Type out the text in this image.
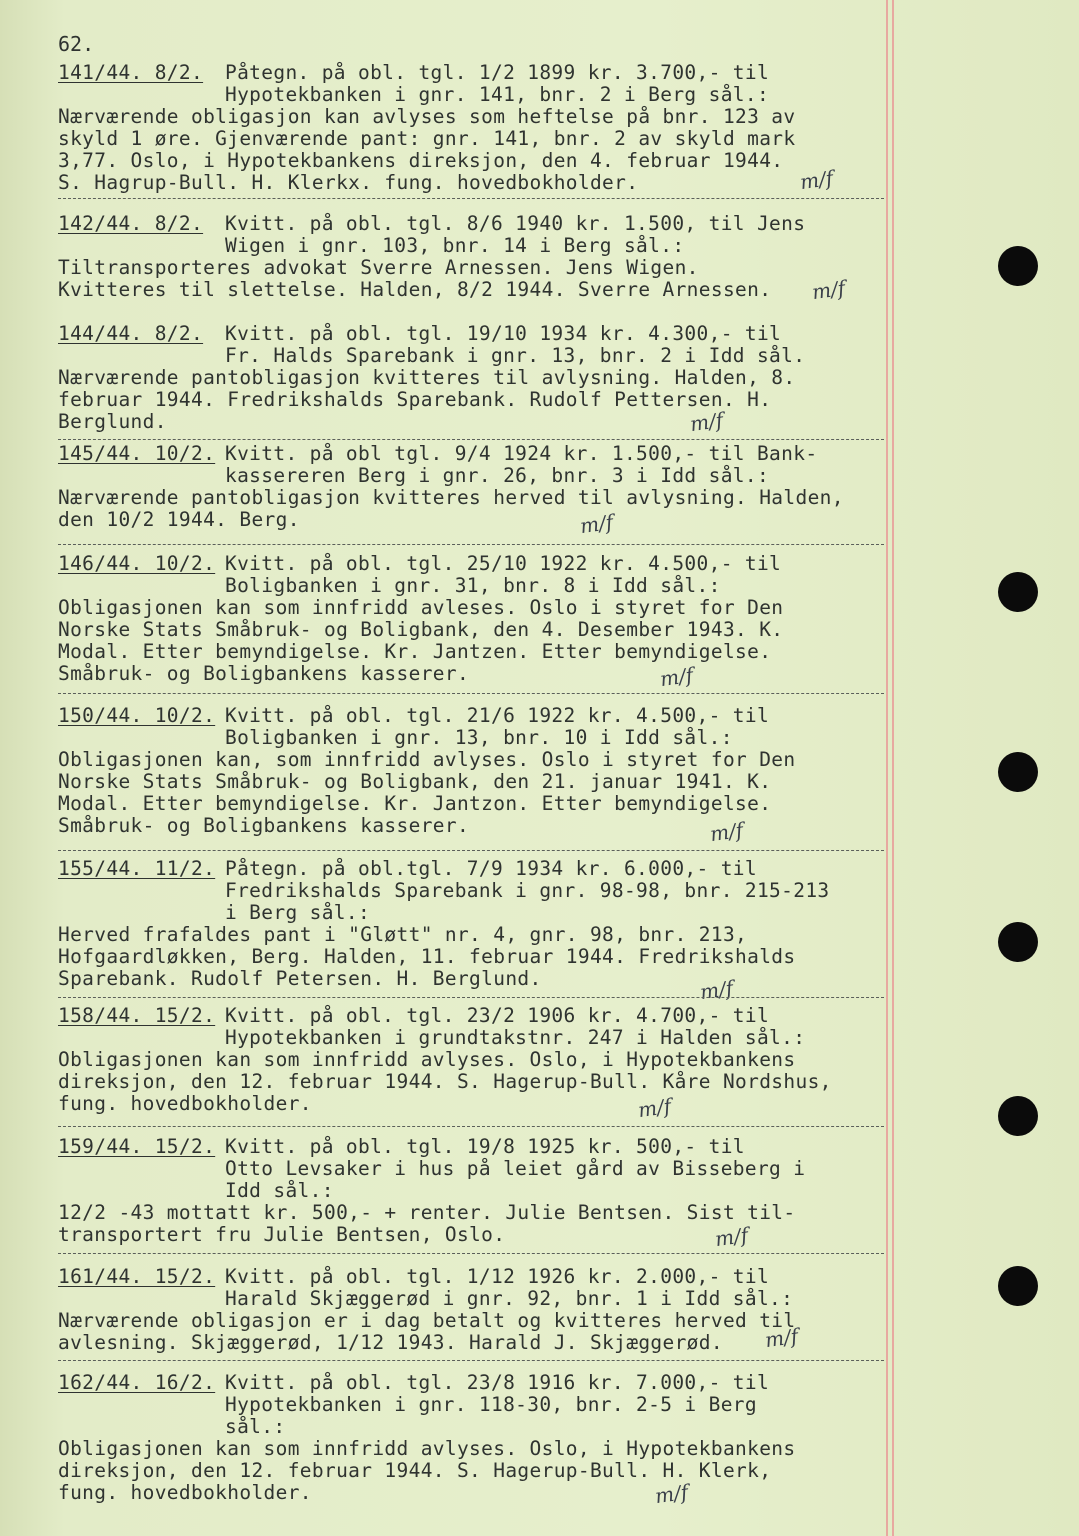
62.
141/44. 8/2. Påtegn. på obl. tgl. 1/2 1899 kr. 3.700,- til
Hypotekbanken i gnr. 141, bnr. 2 i Berg sål.:
Nærværende obligasjon kan avlyses som heftelse på bnr. 123 av
skyld 1 øre. Gjenværende pant: gnr. 141, bnr. 2 av skyld mark
3,77. Oslo, i Hypotekbankens direksjon, den 4. februar 1944.
S. Hagrup-Bull. H. Klerkx. fung. hovedbokholder.	m/f
142/44. 8/2. Kvitt. på obl. tgl. 8/6 1940 kr. 1.500, til Jens
Wigen i gnr. 103, bnr. 14 i Berg sål.:
Tiltransporteres advokat Sverre Arnessen. Jens Wigen.
Kvitteres til slettelse. Halden, 8/2 1944. Sverre Arnessen. m/f
144/44. 8/2. Kvitt. på obl. tgl. 19/10 1934 kr. 4.300,- til
Fr. Halds Sparebank i gnr. 13, bnr. 2 i Idd sål.
Nærværende pantobligasjon kvitteres til avlysning. Halden, 8.
februar 1944. Fredrikshalds Sparebank. Rudolf Pettersen. H.
Berglund.	m/f
145/44. 10/2. Kvitt. på obl tgl. 9/4 1924 kr. 1.500,- til Bank-
kassereren Berg i gnr. 26, bnr. 3 i Idd sål.:
Nærværende pantobligasjon kvitteres herved til avlysning. Halden,
den 10/2 1944. Berg.	m/f
146/44. 10/2. Kvitt. på obl. tgl. 25/10 1922 kr. 4.500,- til
Boligbanken i gnr. 31, bnr. 8 i Idd sål.:
Obligasjonen kan som innfridd avleses. Oslo i styret for Den
Norske Stats Småbruk- og Boligbank, den 4. Desember 1943. K.
Modal. Etter bemyndigelse. Kr. Jantzen. Etter bemyndigelse.
Småbruk- og Boligbankens kasserer.	m/f
150/44. 10/2. Kvitt. på obl. tgl. 21/6 1922 kr. 4.500,- til
Boligbanken i gnr. 13, bnr. 10 i Idd sål.:
Obligasjonen kan, som innfridd avlyses. Oslo i styret for Den
Norske Stats Småbruk- og Boligbank, den 21. januar 1941. K.
Modal. Etter bemyndigelse. Kr. Jantzon. Etter bemyndigelse.
Småbruk- og Boligbankens kasserer.	m/f
155/44. 11/2. Påtegn. på obl.tgl. 7/9 1934 kr. 6.000,- til
Fredrikshalds Sparebank i gnr. 98-98, bnr. 215-213
i Berg sål.:
Herved frafaldes pant i "Gløtt" nr. 4, gnr. 98, bnr. 213,
Hofgaardløkken, Berg. Halden, 11. februar 1944. Fredrikshalds
Sparebank. Rudolf Petersen. H. Berglund.	m/f
158/44. 15/2. Kvitt. på obl. tgl. 23/2 1906 kr. 4.700,- til
Hypotekbanken i grundtakstnr. 247 i Halden sål.:
Obligasjonen kan som innfridd avlyses. Oslo, i Hypotekbankens
direksjon, den 12. februar 1944. S. Hagerup-Bull. Kåre Nordshus,
fung. hovedbokholder.	m/f
159/44. 15/2. Kvitt. på obl. tgl. 19/8 1925 kr. 500,- til
Otto Levsaker i hus på leiet gård av Bisseberg i
Idd sål.:
12/2 -43 mottatt kr. 500,- + renter. Julie Bentsen. Sist til-
transportert fru Julie Bentsen, Oslo.	m/f
161/44. 15/2. Kvitt. på obl. tgl. 1/12 1926 kr. 2.000,- til
Harald Skjæggerød i gnr. 92, bnr. 1 i Idd sål.:
Nærværende obligasjon er i dag betalt og kvitteres herved til
avlesning. Skjæggerød, 1/12 1943. Harald J. Skjæggerød. m/f
162/44. 16/2. Kvitt. på obl. tgl. 23/8 1916 kr. 7.000,- til
Hypotekbanken i gnr. 118-30, bnr. 2-5 i Berg
sål.:
Obligasjonen kan som innfridd avlyses. Oslo, i Hypotekbankens
direksjon, den 12. februar 1944. S. Hagerup-Bull. H. Klerk,
fung. hovedbokholder.	m/f
